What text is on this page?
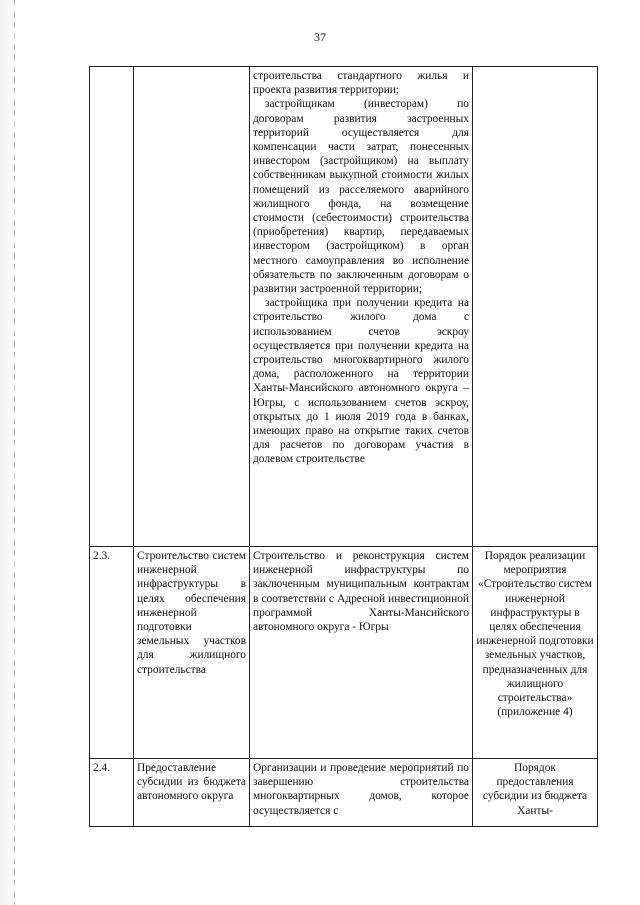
37

		строительства стандартного жилья и проекта развития территории;

застройщикам (инвесторам) по договорам развития застроенных территорий осуществляется для компенсации части затрат, понесенных инвестором (застройщиком) на выплату собственникам выкупной стоимости жилых помещений из расселяемого аварийного жилищного фонда, на возмещение стоимости (себестоимости) строительства (приобретения) квартир, передаваемых инвестором (застройщиком) в орган местного самоуправления во исполнение обязательств по заключенным договорам о развитии застроенной территории;

застройщика при получении кредита на строительство жилого дома с использованием счетов эскроу осуществляется при получении кредита на строительство многоквартирного жилого дома, расположенного на территории Ханты-Мансийского автономного округа – Югры, с использованием счетов эскроу, открытых до 1 июля 2019 года в банках, имеющих право на открытие таких счетов для расчетов по договорам участия в долевом строительстве	

2.3.	Строительство систем инженерной инфраструктуры в целях обеспечения инженерной подготовки земельных участков для жилищного строительства	Строительство и реконструкция систем инженерной инфраструктуры по заключенным муниципальным контрактам в соответствии с Адресной инвестиционной программой Ханты-Мансийского автономного округа - Югры	Порядок реализации мероприятия «Строительство систем инженерной инфраструктуры в целях обеспечения инженерной подготовки земельных участков, предназначенных для жилищного строительства» (приложение 4)
2.4.	Предоставление субсидии из бюджета автономного округа	Организации и проведение мероприятий по завершению строительства многоквартирных домов, которое осуществляется с	Порядок предоставления субсидии из бюджета Ханты-
